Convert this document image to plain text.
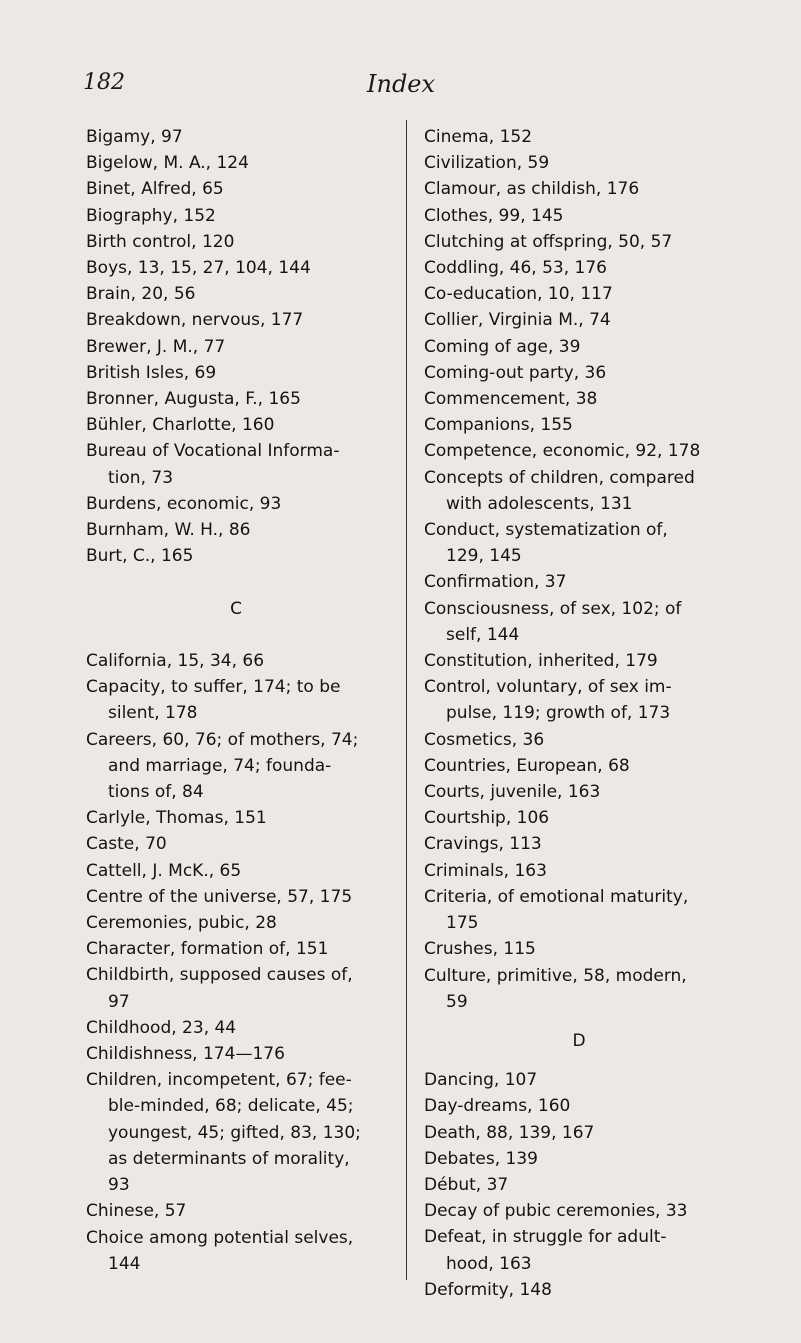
182	Index
Bigamy, 97
Bigelow, M. A., 124
Binet, Alfred, 65
Biography, 152
Birth control, 120
Boys, 13, 15, 27, 104, 144
Brain, 20, 56
Breakdown, nervous, 177
Brewer, J. M., 77
British Isles, 69
Bronner, Augusta, F., 165
Bühler, Charlotte, 160
Bureau of Vocational Informa-
tion, 73
Burdens, economic, 93
Burnham, W. H., 86
Burt, C., 165
C
California, 15, 34, 66
Capacity, to suffer, 174; to be
silent, 178
Careers, 60, 76; of mothers, 74;
and marriage, 74; founda-
tions of, 84
Carlyle, Thomas, 151
Caste, 70
Cattell, J. McK., 65
Centre of the universe, 57, 175
Ceremonies, pubic, 28
Character, formation of, 151
Childbirth, supposed causes of,
97
Childhood, 23, 44
Childishness, 174—176
Children, incompetent, 67; fee-
ble-minded, 68; delicate, 45;
youngest, 45; gifted, 83, 130;
as determinants of morality,
93
Chinese, 57
Choice among potential selves,
144
Cinema, 152
Civilization, 59
Clamour, as childish, 176
Clothes, 99, 145
Clutching at offspring, 50, 57
Coddling, 46, 53, 176
Co-education, 10, 117
Collier, Virginia M., 74
Coming of age, 39
Coming-out party, 36
Commencement, 38
Companions, 155
Competence, economic, 92, 178
Concepts of children, compared
with adolescents, 131
Conduct, systematization of,
129, 145
Confirmation, 37
Consciousness, of sex, 102; of
self, 144
Constitution, inherited, 179
Control, voluntary, of sex im-
pulse, 119; growth of, 173
Cosmetics, 36
Countries, European, 68
Courts, juvenile, 163
Courtship, 106
Cravings, 113
Criminals, 163
Criteria, of emotional maturity,
175
Crushes, 115
Culture, primitive, 58, modern,
59
D
Dancing, 107
Day-dreams, 160
Death, 88, 139, 167
Debates, 139
Début, 37
Decay of pubic ceremonies, 33
Defeat, in struggle for adult-
hood, 163
Deformity, 148
